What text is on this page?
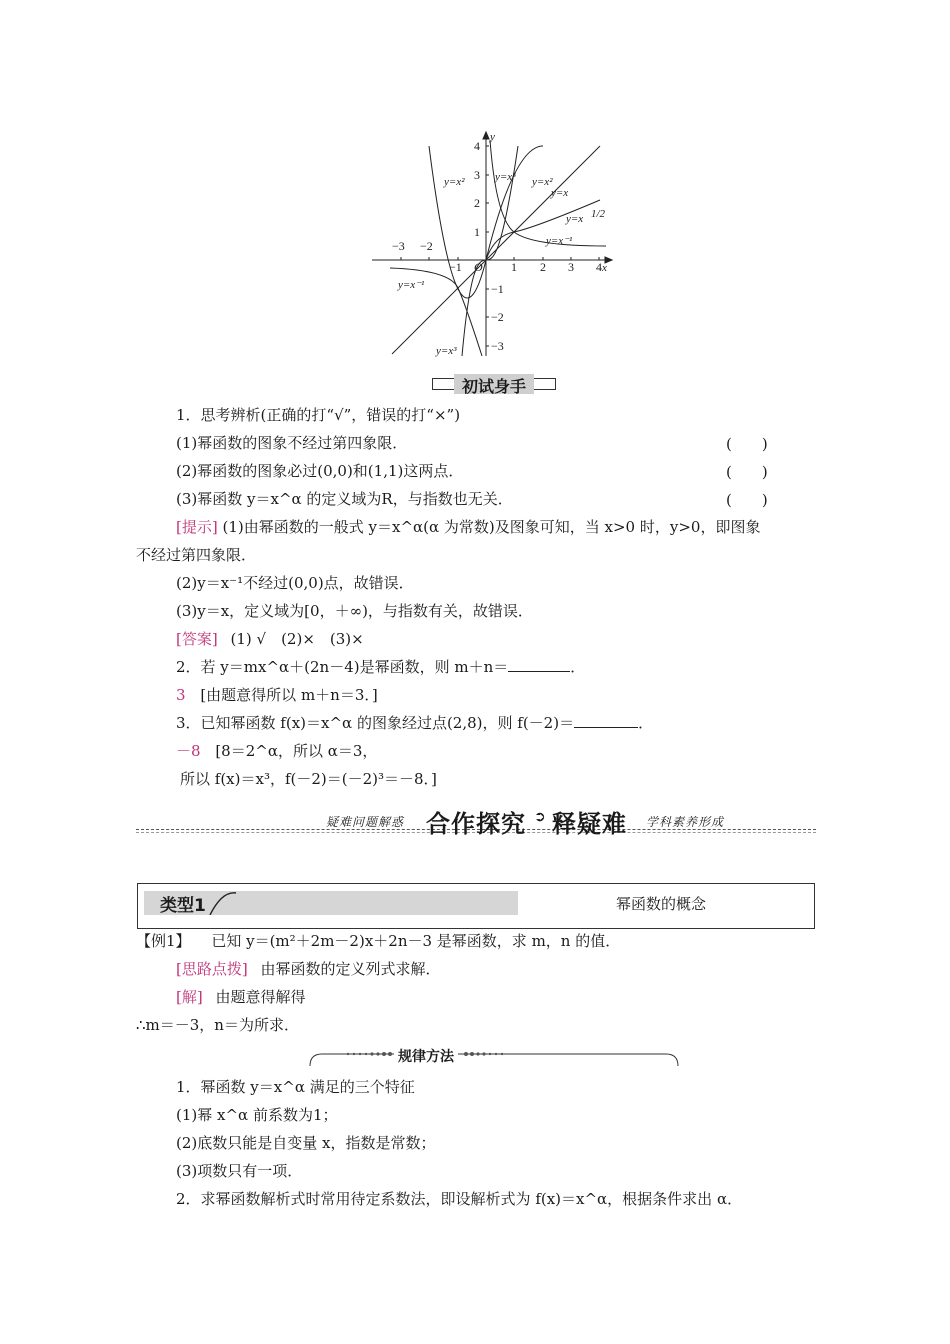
y
x
O
−3 −2
−1	1 2 3 4
4
3
2
1
−1
−2
−3
y=x²	y=x³ y=x²
y=x
y=x 1/2
y=x⁻¹
y=x⁻¹
y=x³
初试身手
1．思考辨析(正确的打“√”，错误的打“×”)
(1)幂函数的图象不经过第四象限．	(　　)
(2)幂函数的图象必过(0,0)和(1,1)这两点．	(　　)
(3)幂函数 y＝x^α 的定义域为R，与指数也无关．	(　　)
[提示] (1)由幂函数的一般式 y＝x^α(α 为常数)及图象可知，当 x>0 时，y>0，即图象
不经过第四象限．
(2)y＝x⁻¹不经过(0,0)点，故错误．
(3)y＝x，定义域为[0，＋∞)，与指数有关，故错误．
[答案] (1) √　(2)×　(3)×
2．若 y＝mx^α＋(2n－4)是幂函数，则 m＋n＝	．
3 [由题意得所以 m＋n＝3．]
3．已知幂函数 f(x)＝x^α 的图象经过点(2,8)，则 f(－2)＝	．
－8 [8＝2^α，所以 α＝3，
所以 f(x)＝x³，f(－2)＝(－2)³＝－8．]
疑难问题解惑 合作探究 ➲ 释疑难 学科素养形成
类型1	幂函数的概念
【例1】 已知 y＝(m²＋2m－2)x＋2n－3 是幂函数，求 m，n 的值．
[思路点拨] 由幂函数的定义列式求解．
[解] 由题意得解得
∴m＝－3，n＝为所求．
规律方法
1．幂函数 y＝x^α 满足的三个特征
(1)幂 x^α 前系数为1；
(2)底数只能是自变量 x，指数是常数；
(3)项数只有一项．
2．求幂函数解析式时常用待定系数法，即设解析式为 f(x)＝x^α，根据条件求出 α．
